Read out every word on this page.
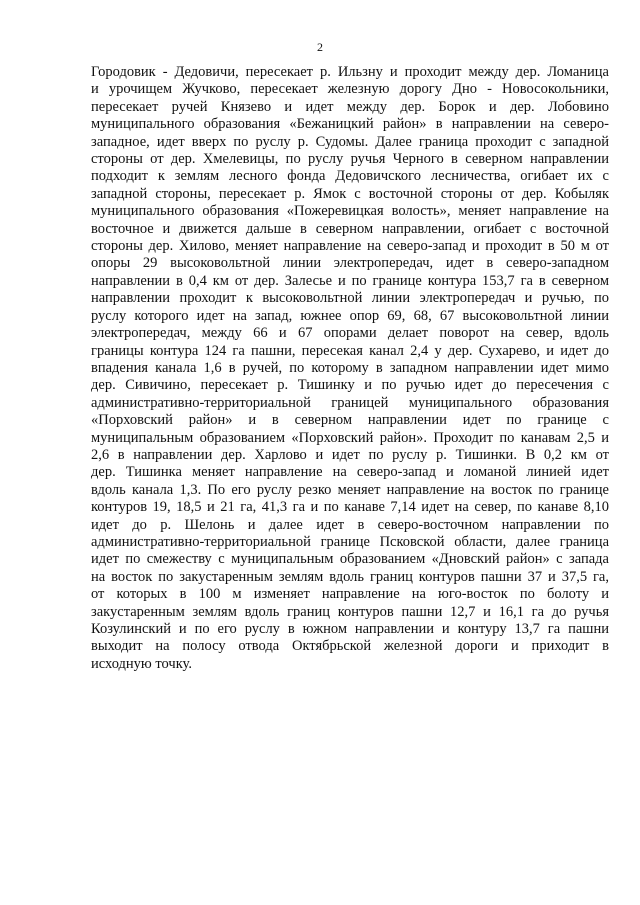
2
Городовик - Дедовичи, пересекает р. Ильзну и проходит между дер. Ломаница
и урочищем Жучково, пересекает железную дорогу Дно - Новосокольники,
пересекает ручей Князево и идет между дер. Борок и дер. Лобовино
муниципального образования «Бежаницкий район» в направлении на северо-
западное, идет вверх по руслу р. Судомы. Далее граница проходит с западной
стороны от дер. Хмелевицы, по руслу ручья Черного в северном направлении
подходит к землям лесного фонда Дедовичского лесничества, огибает их с
западной стороны, пересекает р. Ямок с восточной стороны от дер. Кобыляк
муниципального образования «Пожеревицкая волость», меняет направление на
восточное и движется дальше в северном направлении, огибает с восточной
стороны дер. Хилово, меняет направление на северо-запад и проходит в 50 м от
опоры 29 высоковольтной линии электропередач, идет в северо-западном
направлении в 0,4 км от дер. Залесье и по границе контура 153,7 га в северном
направлении проходит к высоковольтной линии электропередач и ручью, по
руслу которого идет на запад, южнее опор 69, 68, 67 высоковольтной линии
электропередач, между 66 и 67 опорами делает поворот на север, вдоль
границы контура 124 га пашни, пересекая канал 2,4 у дер. Сухарево, и идет до
впадения канала 1,6 в ручей, по которому в западном направлении идет мимо
дер. Сивичино, пересекает р. Тишинку и по ручью идет до пересечения с
административно-территориальной границей муниципального образования
«Порховский район» и в северном направлении идет по границе с
муниципальным образованием «Порховский район». Проходит по канавам 2,5 и
2,6 в направлении дер. Харлово и идет по руслу р. Тишинки. В 0,2 км от
дер. Тишинка меняет направление на северо-запад и ломаной линией идет
вдоль канала 1,3. По его руслу резко меняет направление на восток по границе
контуров 19, 18,5 и 21 га, 41,3 га и по канаве 7,14 идет на север, по канаве 8,10
идет до р. Шелонь и далее идет в северо-восточном направлении по
административно-территориальной границе Псковской области, далее граница
идет по смежеству с муниципальным образованием «Дновский район» с запада
на восток по закустаренным землям вдоль границ контуров пашни 37 и 37,5 га,
от которых в 100 м изменяет направление на юго-восток по болоту и
закустаренным землям вдоль границ контуров пашни 12,7 и 16,1 га до ручья
Козулинский и по его руслу в южном направлении и контуру 13,7 га пашни
выходит на полосу отвода Октябрьской железной дороги и приходит в
исходную точку.
